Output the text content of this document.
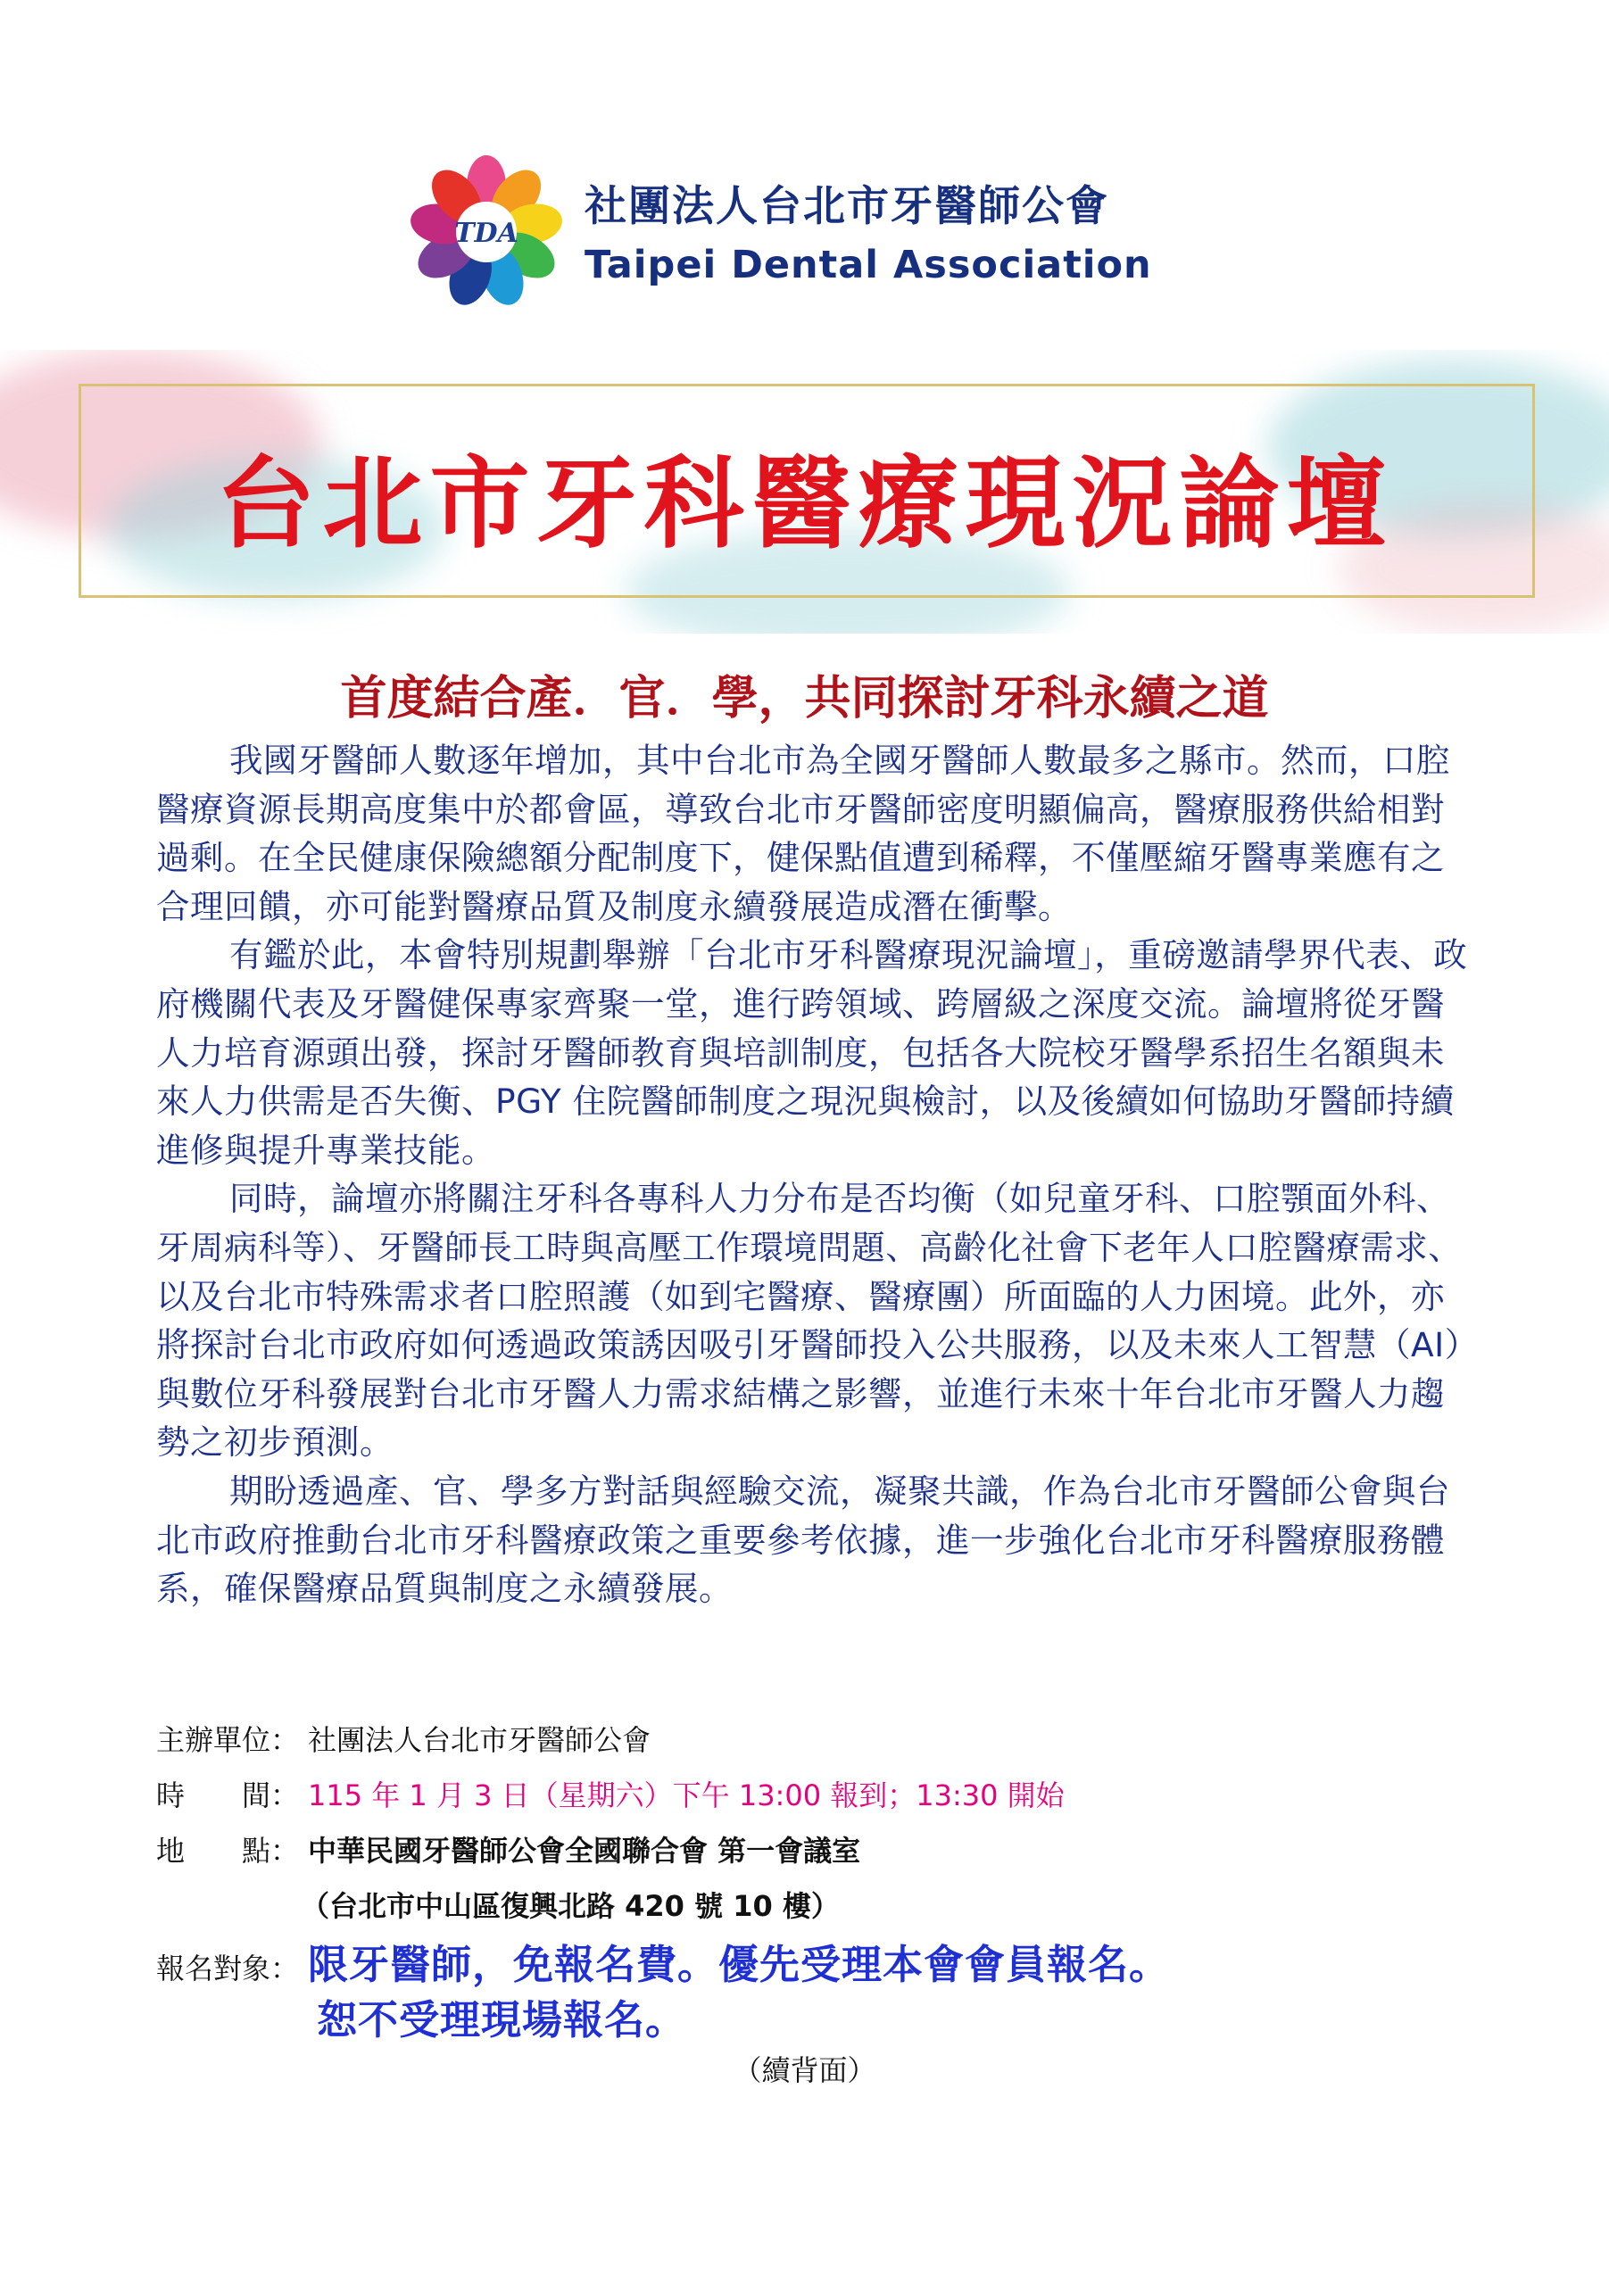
TDA
社團法人台北市牙醫師公會
Taipei Dental Association
台北市牙科醫療現況論壇
首度結合產．官．學，共同探討牙科永續之道

我國牙醫師人數逐年增加，其中台北市為全國牙醫師人數最多之縣市。然而，口腔醫療資源長期高度集中於都會區，導致台北市牙醫師密度明顯偏高，醫療服務供給相對過剩。在全民健康保險總額分配制度下，健保點值遭到稀釋，不僅壓縮牙醫專業應有之合理回饋，亦可能對醫療品質及制度永續發展造成潛在衝擊。

有鑑於此，本會特別規劃舉辦「台北市牙科醫療現況論壇」，重磅邀請學界代表、政府機關代表及牙醫健保專家齊聚一堂，進行跨領域、跨層級之深度交流。論壇將從牙醫人力培育源頭出發，探討牙醫師教育與培訓制度，包括各大院校牙醫學系招生名額與未來人力供需是否失衡、PGY 住院醫師制度之現況與檢討，以及後續如何協助牙醫師持續進修與提升專業技能。

同時，論壇亦將關注牙科各專科人力分布是否均衡（如兒童牙科、口腔顎面外科、牙周病科等）、牙醫師長工時與高壓工作環境問題、高齡化社會下老年人口腔醫療需求、以及台北市特殊需求者口腔照護（如到宅醫療、醫療團）所面臨的人力困境。此外，亦將探討台北市政府如何透過政策誘因吸引牙醫師投入公共服務，以及未來人工智慧（AI）與數位牙科發展對台北市牙醫人力需求結構之影響，並進行未來十年台北市牙醫人力趨勢之初步預測。

期盼透過產、官、學多方對話與經驗交流，凝聚共識，作為台北市牙醫師公會與台北市政府推動台北市牙科醫療政策之重要參考依據，進一步強化台北市牙科醫療服務體系，確保醫療品質與制度之永續發展。

主辦單位： 社團法人台北市牙醫師公會
時　　間： 115 年 1 月 3 日（星期六）下午 13:00 報到；13:30 開始
地　　點： 中華民國牙醫師公會全國聯合會 第一會議室
（台北市中山區復興北路 420 號 10 樓）
報名對象： 限牙醫師，免報名費。優先受理本會會員報名。
恕不受理現場報名。
（續背面）
